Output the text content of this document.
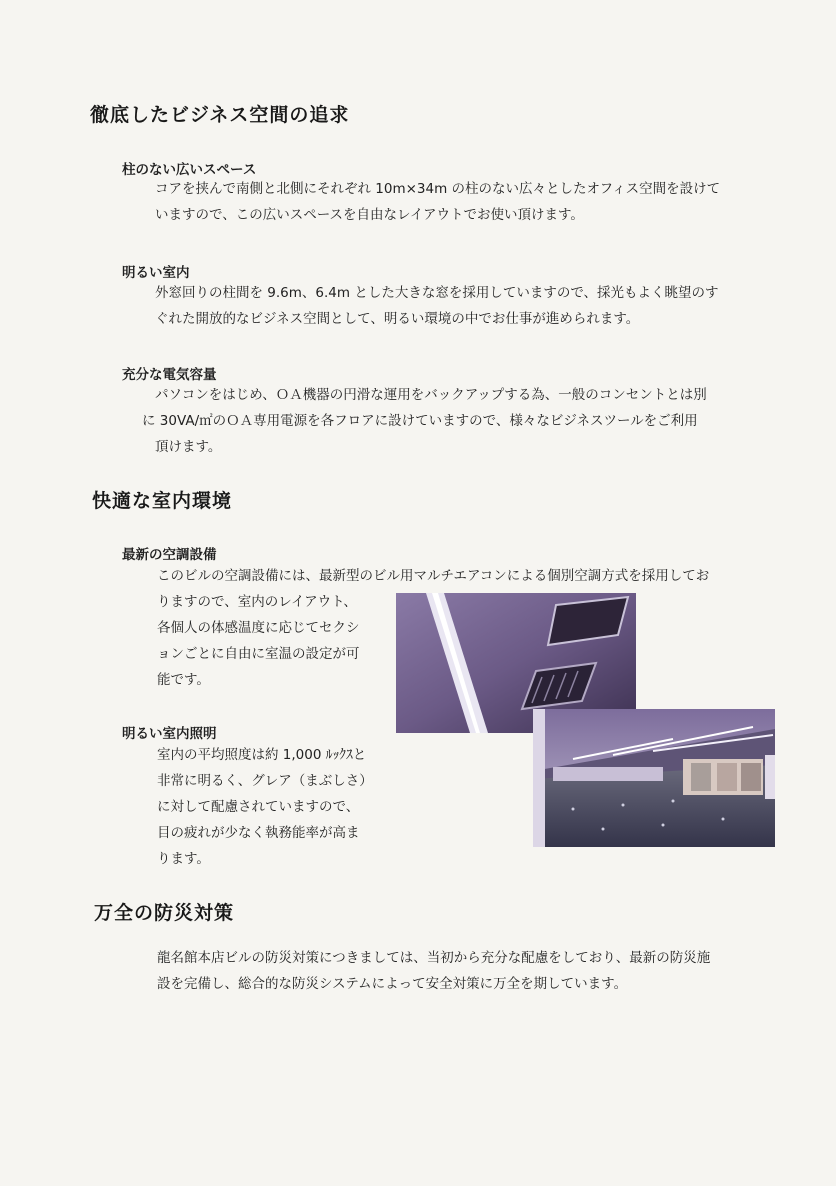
徹底したビジネス空間の追求
柱のない広いスペース
コアを挟んで南側と北側にそれぞれ 10m×34m の柱のない広々としたオフィス空間を設けて
いますので、この広いスペースを自由なレイアウトでお使い頂けます。
明るい室内
外窓回りの柱間を 9.6m、6.4m とした大きな窓を採用していますので、採光もよく眺望のす
ぐれた開放的なビジネス空間として、明るい環境の中でお仕事が進められます。
充分な電気容量
パソコンをはじめ、ＯＡ機器の円滑な運用をバックアップする為、一般のコンセントとは別
に 30VA/㎡のＯＡ専用電源を各フロアに設けていますので、様々なビジネスツールをご利用
頂けます。
快適な室内環境
最新の空調設備
このビルの空調設備には、最新型のビル用マルチエアコンによる個別空調方式を採用してお
りますので、室内のレイアウト、
各個人の体感温度に応じてセクシ
ョンごとに自由に室温の設定が可
能です。
明るい室内照明
室内の平均照度は約 1,000 ﾙｯｸｽと
非常に明るく、グレア（まぶしさ）
に対して配慮されていますので、
目の疲れが少なく執務能率が高ま
ります。
万全の防災対策
龍名館本店ビルの防災対策につきましては、当初から充分な配慮をしており、最新の防災施
設を完備し、総合的な防災システムによって安全対策に万全を期しています。
